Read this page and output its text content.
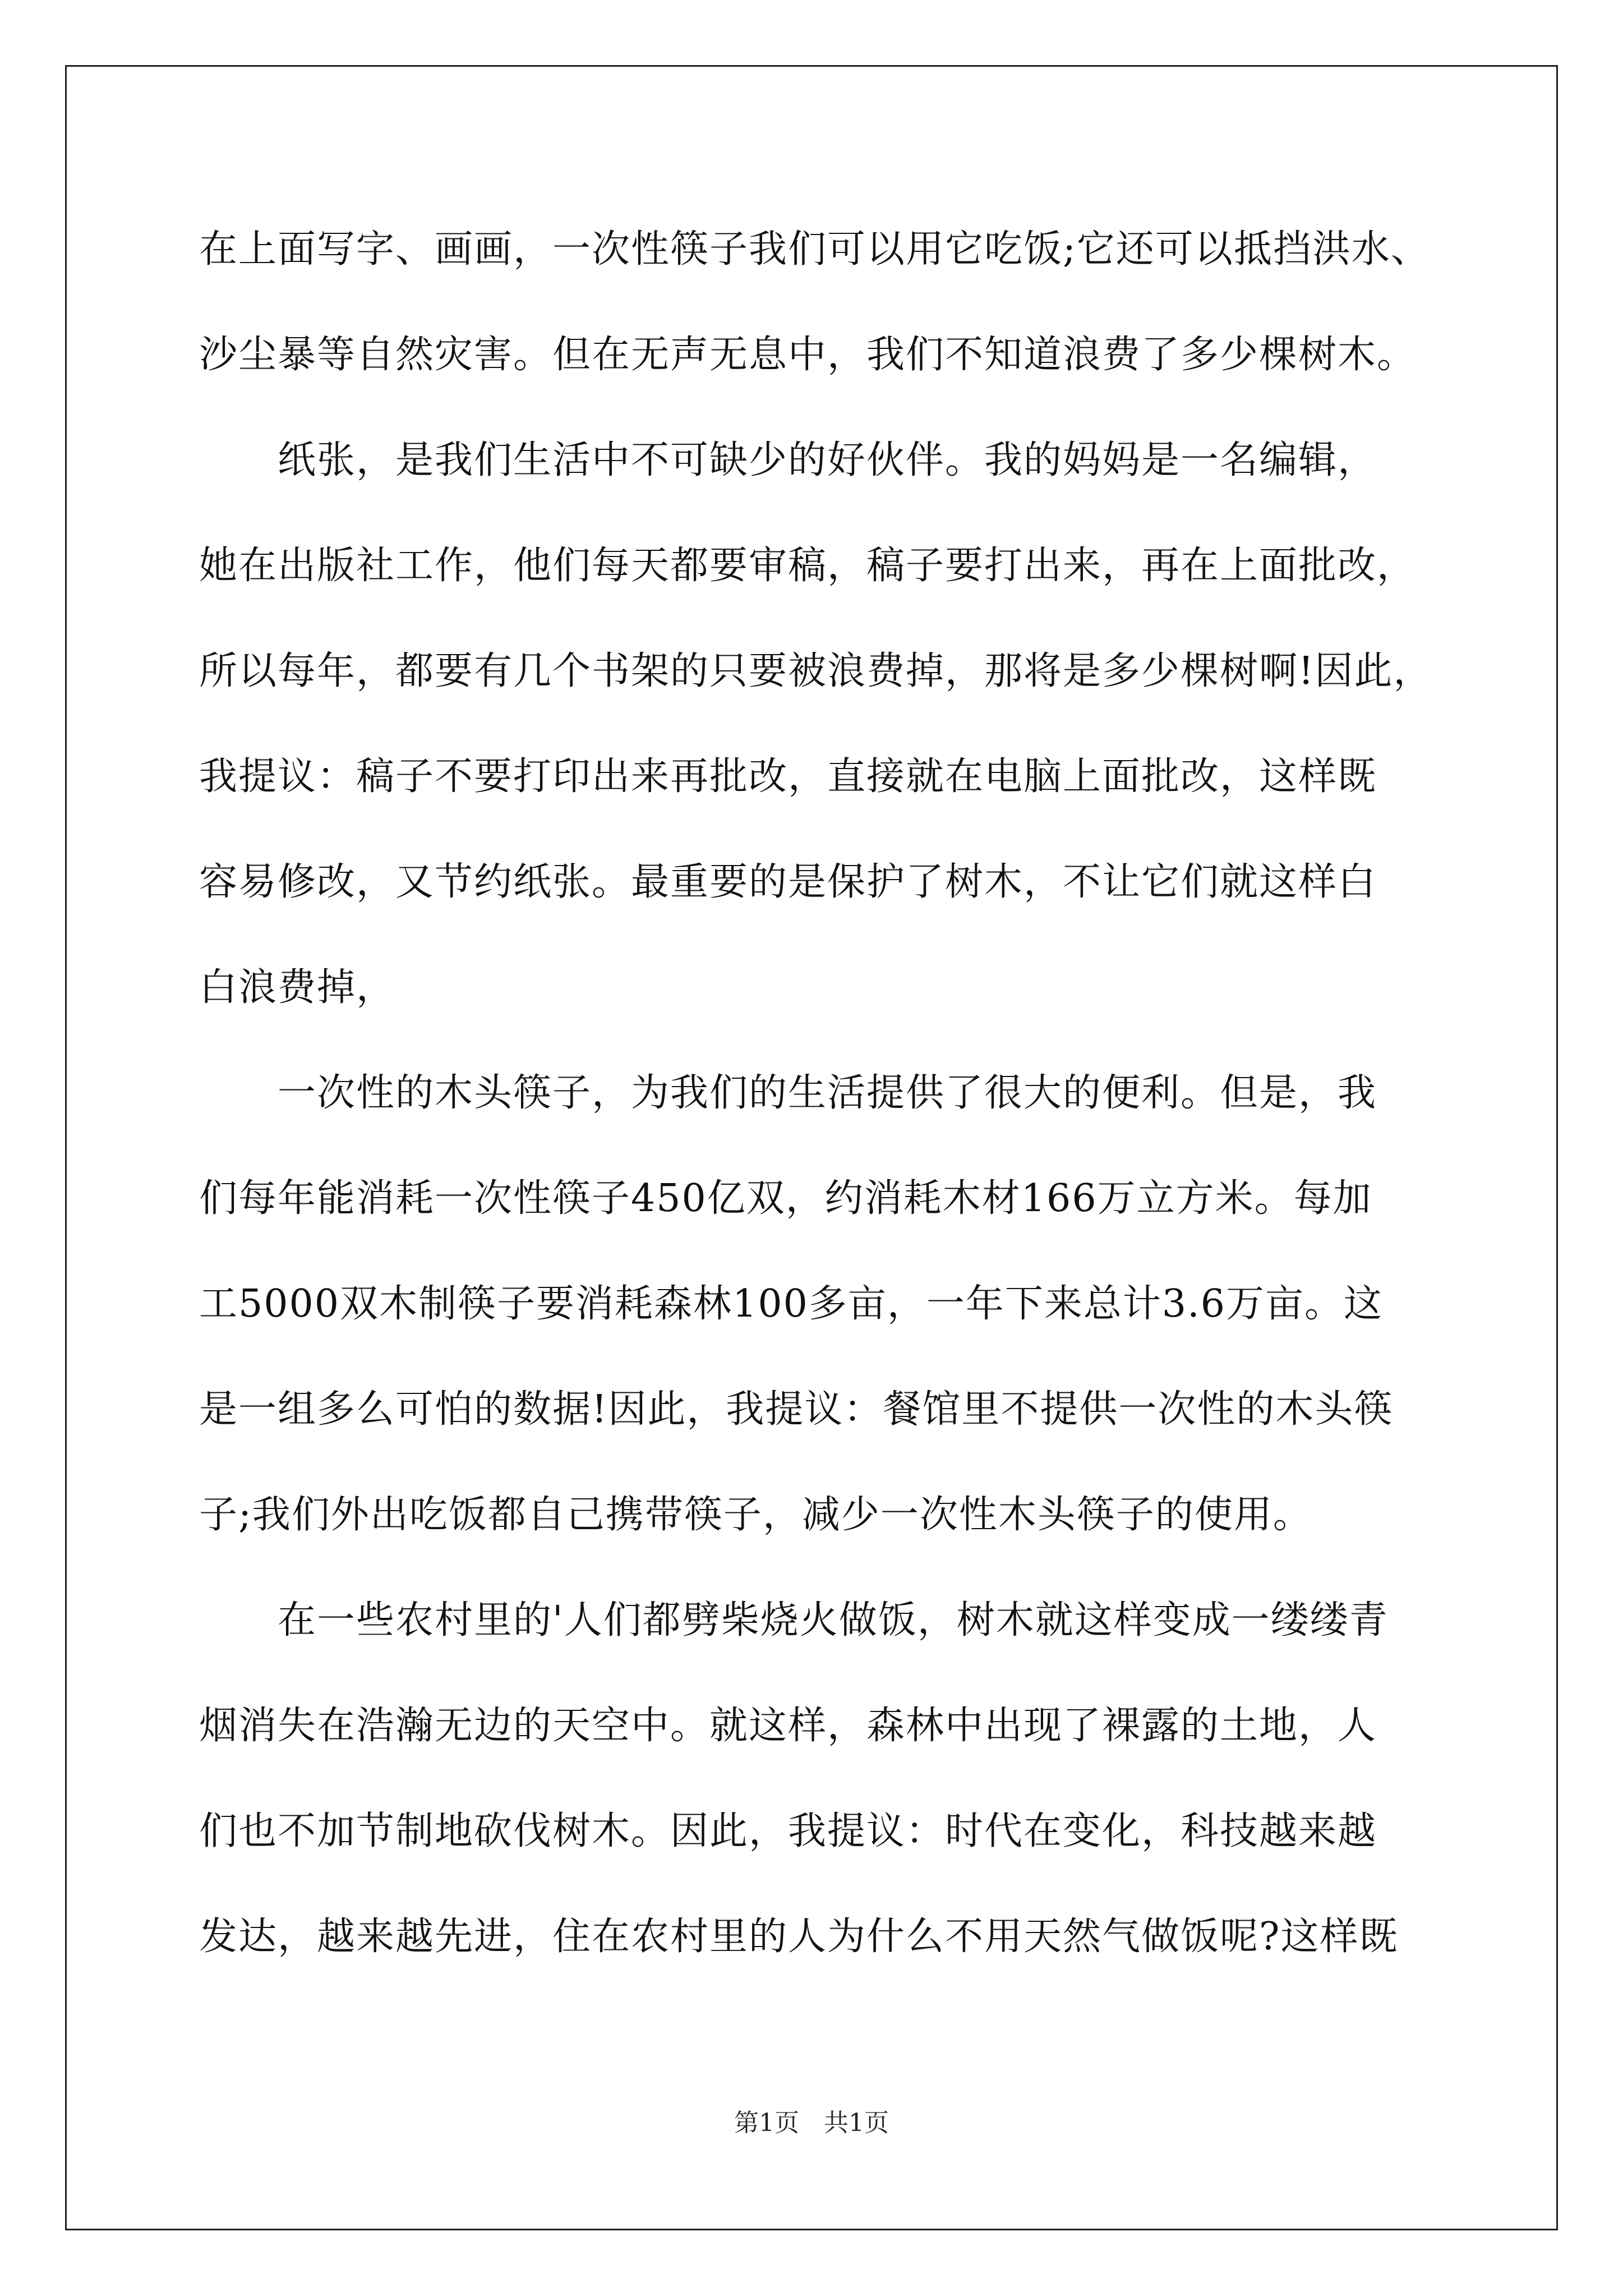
在上面写字、画画，一次性筷子我们可以用它吃饭;它还可以抵挡洪水、
沙尘暴等自然灾害。但在无声无息中，我们不知道浪费了多少棵树木。
　　纸张，是我们生活中不可缺少的好伙伴。我的妈妈是一名编辑，
她在出版社工作，他们每天都要审稿，稿子要打出来，再在上面批改，
所以每年，都要有几个书架的只要被浪费掉，那将是多少棵树啊!因此，
我提议：稿子不要打印出来再批改，直接就在电脑上面批改，这样既
容易修改，又节约纸张。最重要的是保护了树木，不让它们就这样白
白浪费掉，
　　一次性的木头筷子，为我们的生活提供了很大的便利。但是，我
们每年能消耗一次性筷子450亿双，约消耗木材166万立方米。每加
工5000双木制筷子要消耗森林100多亩，一年下来总计3.6万亩。这
是一组多么可怕的数据!因此，我提议：餐馆里不提供一次性的木头筷
子;我们外出吃饭都自己携带筷子，减少一次性木头筷子的使用。
　　在一些农村里的'人们都劈柴烧火做饭，树木就这样变成一缕缕青
烟消失在浩瀚无边的天空中。就这样，森林中出现了裸露的土地，人
们也不加节制地砍伐树木。因此，我提议：时代在变化，科技越来越
发达，越来越先进，住在农村里的人为什么不用天然气做饭呢?这样既
第1页　共1页
